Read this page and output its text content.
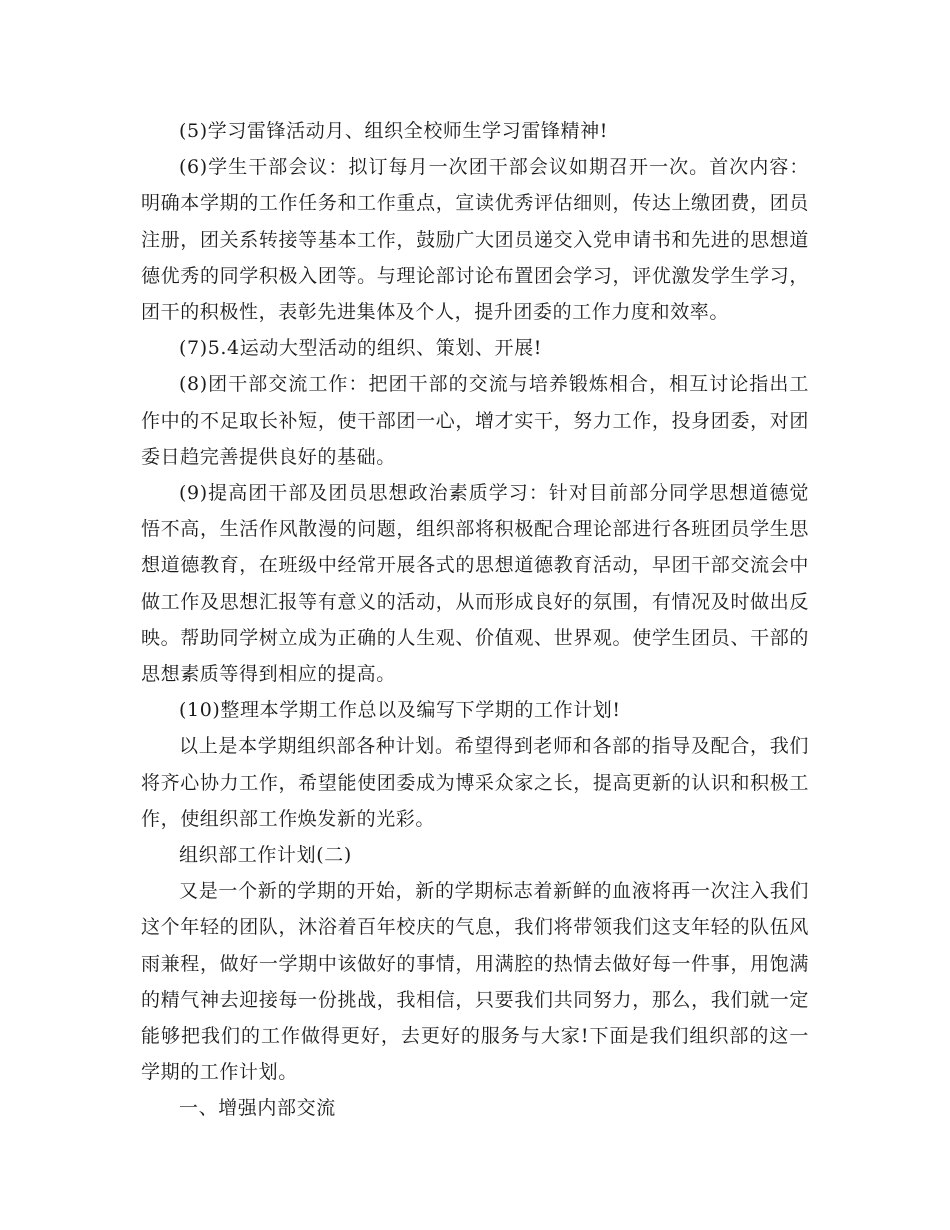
(5)学习雷锋活动月、组织全校师生学习雷锋精神!

(6)学生干部会议：拟订每月一次团干部会议如期召开一次。首次内容：明确本学期的工作任务和工作重点，宣读优秀评估细则，传达上缴团费，团员注册，团关系转接等基本工作，鼓励广大团员递交入党申请书和先进的思想道德优秀的同学积极入团等。与理论部讨论布置团会学习，评优激发学生学习，团干的积极性，表彰先进集体及个人，提升团委的工作力度和效率。

(7)5.4运动大型活动的组织、策划、开展!

(8)团干部交流工作：把团干部的交流与培养锻炼相合，相互讨论指出工作中的不足取长补短，使干部团一心，增才实干，努力工作，投身团委，对团委日趋完善提供良好的基础。

(9)提高团干部及团员思想政治素质学习：针对目前部分同学思想道德觉悟不高，生活作风散漫的问题，组织部将积极配合理论部进行各班团员学生思想道德教育，在班级中经常开展各式的思想道德教育活动，早团干部交流会中做工作及思想汇报等有意义的活动，从而形成良好的氛围，有情况及时做出反映。帮助同学树立成为正确的人生观、价值观、世界观。使学生团员、干部的思想素质等得到相应的提高。

(10)整理本学期工作总以及编写下学期的工作计划!

以上是本学期组织部各种计划。希望得到老师和各部的指导及配合，我们将齐心协力工作，希望能使团委成为博采众家之长，提高更新的认识和积极工作，使组织部工作焕发新的光彩。

组织部工作计划(二)

又是一个新的学期的开始，新的学期标志着新鲜的血液将再一次注入我们这个年轻的团队，沐浴着百年校庆的气息，我们将带领我们这支年轻的队伍风雨兼程，做好一学期中该做好的事情，用满腔的热情去做好每一件事，用饱满的精气神去迎接每一份挑战，我相信，只要我们共同努力，那么，我们就一定能够把我们的工作做得更好，去更好的服务与大家!下面是我们组织部的这一学期的工作计划。

一、增强内部交流
